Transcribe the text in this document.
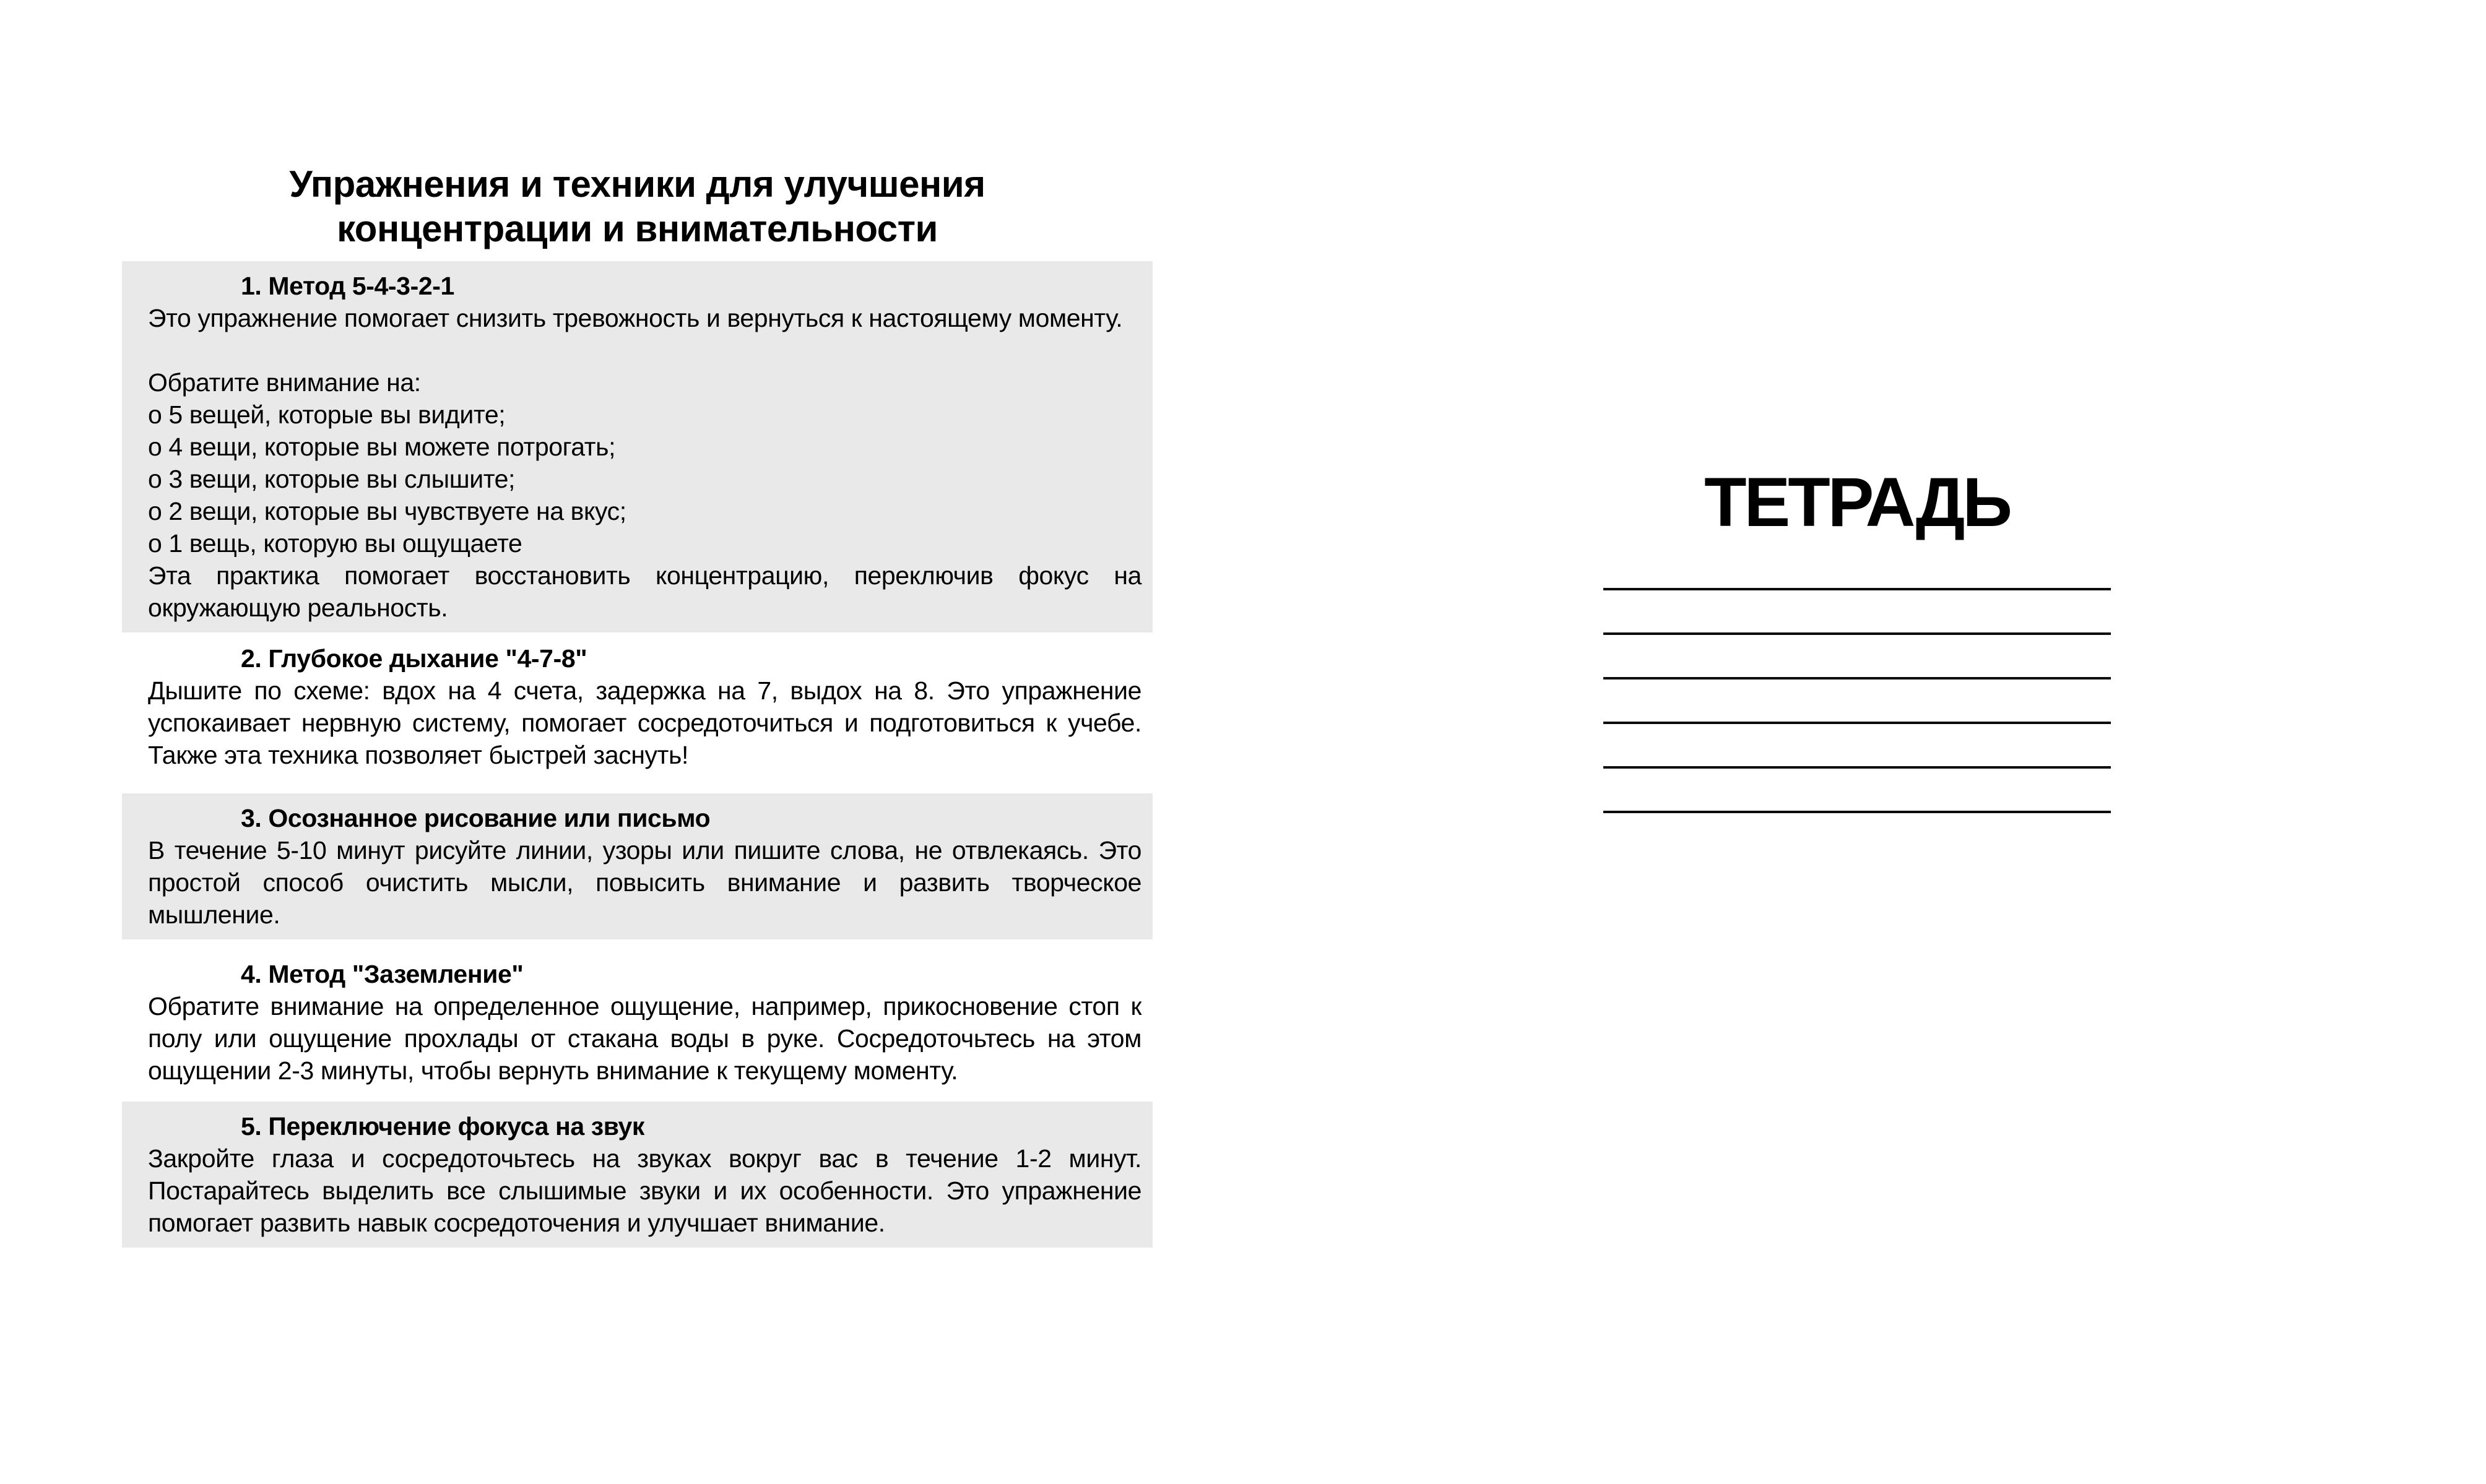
Упражнения и техники для улучшения
концентрации и внимательности
1. Метод 5-4-3-2-1
Это упражнение помогает снизить тревожность и вернуться к настоящему моменту.
Обратите внимание на:
о 5 вещей, которые вы видите;
о 4 вещи, которые вы можете потрогать;
о 3 вещи, которые вы слышите;
о 2 вещи, которые вы чувствуете на вкус;
о 1 вещь, которую вы ощущаете
Эта практика помогает восстановить концентрацию, переключив фокус на окружающую реальность.
2. Глубокое дыхание "4-7-8"
Дышите по схеме: вдох на 4 счета, задержка на 7, выдох на 8. Это упражнение успокаивает нервную систему, помогает сосредоточиться и подготовиться к учебе. Также эта техника позволяет быстрей заснуть!
3. Осознанное рисование или письмо
В течение 5-10 минут рисуйте линии, узоры или пишите слова, не отвлекаясь. Это простой способ очистить мысли, повысить внимание и развить творческое мышление.
4. Метод "Заземление"
Обратите внимание на определенное ощущение, например, прикосновение стоп к полу или ощущение прохлады от стакана воды в руке. Сосредоточьтесь на этом ощущении 2-3 минуты, чтобы вернуть внимание к текущему моменту.
5. Переключение фокуса на звук
Закройте глаза и сосредоточьтесь на звуках вокруг вас в течение 1-2 минут. Постарайтесь выделить все слышимые звуки и их особенности. Это упражнение помогает развить навык сосредоточения и улучшает внимание.
ТЕТРАДЬ
